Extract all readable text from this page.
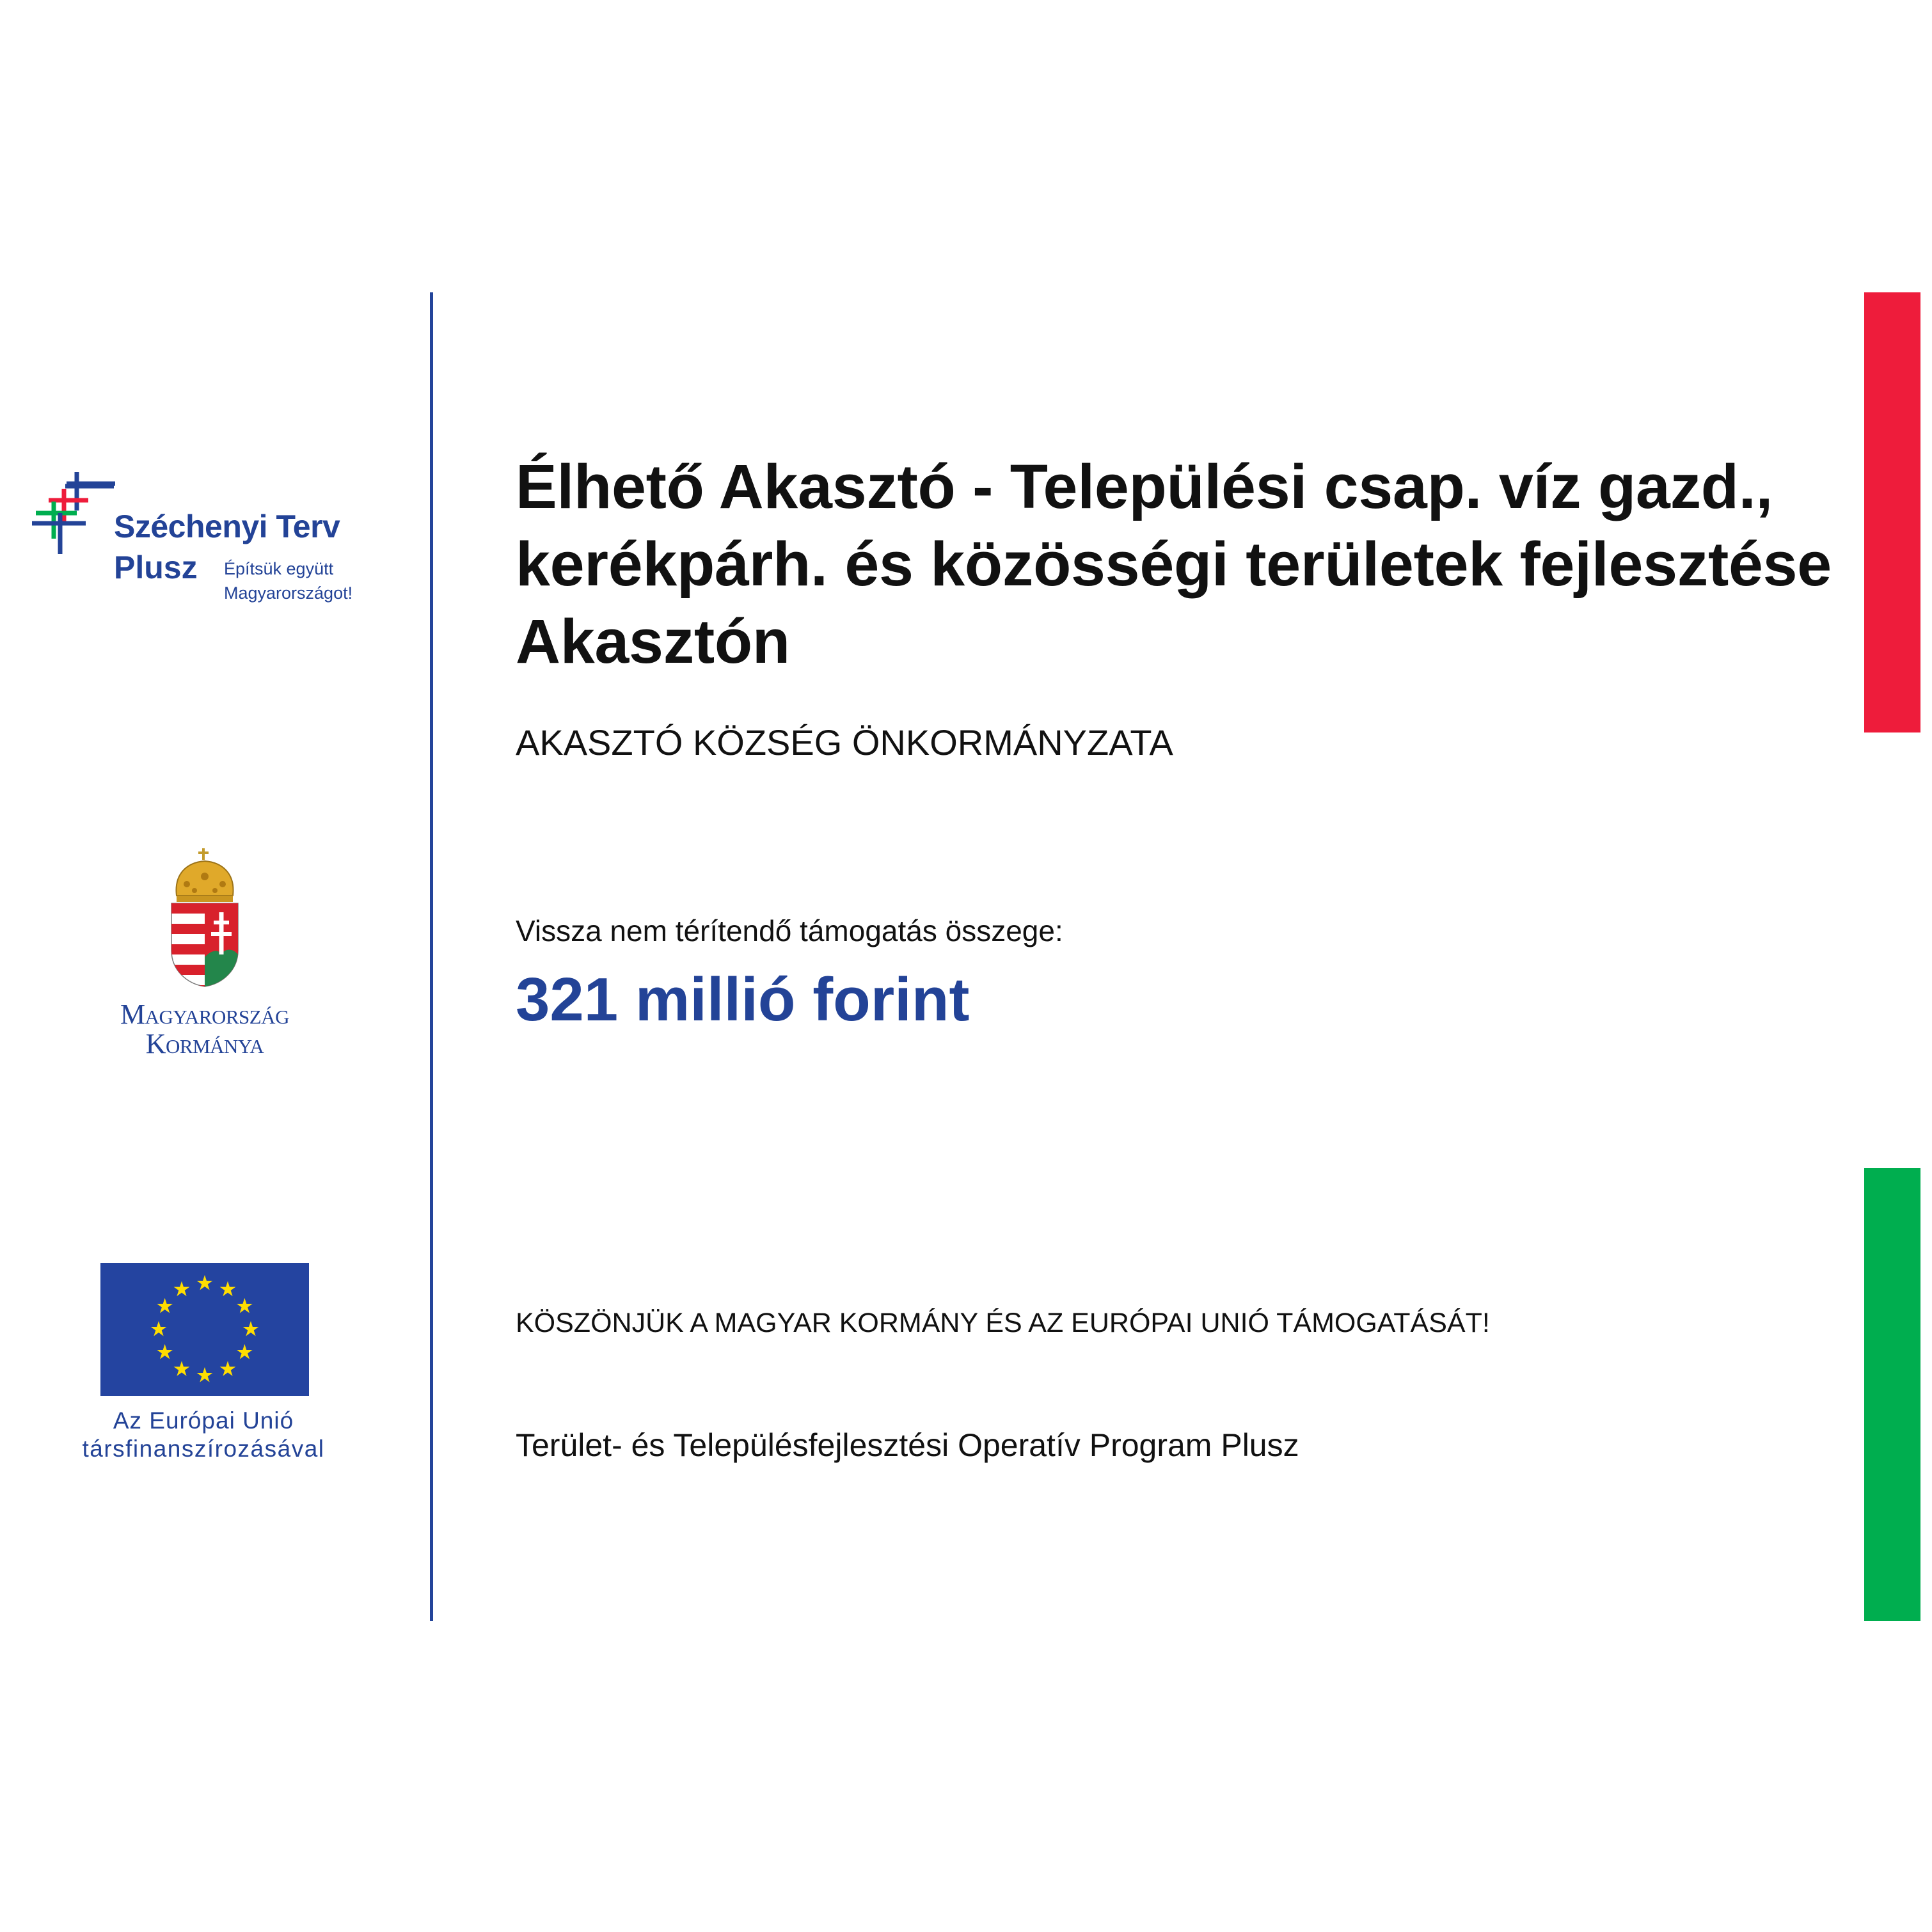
Széchenyi Terv
Plusz Építsük együtt
Magyarországot!
Magyarország
Kormánya
Az Európai Unió
társfinanszírozásával
Élhető Akasztó - Települési csap. víz gazd., kerékpárh. és közösségi területek fejlesztése Akasztón
AKASZTÓ KÖZSÉG ÖNKORMÁNYZATA
Vissza nem térítendő támogatás összege:
321 millió forint
KÖSZÖNJÜK A MAGYAR KORMÁNY ÉS AZ EURÓPAI UNIÓ TÁMOGATÁSÁT!
Terület- és Településfejlesztési Operatív Program Plusz
